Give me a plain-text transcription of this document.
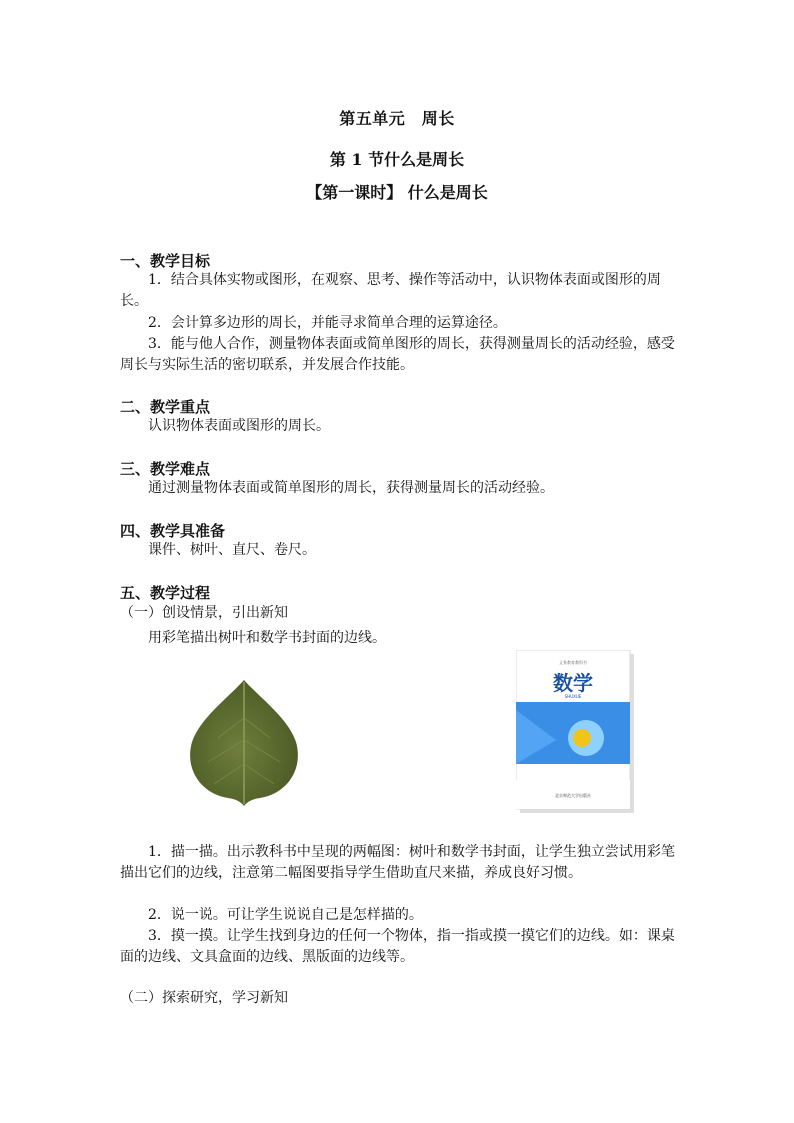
第五单元　周长
第 1 节什么是周长
【第一课时】 什么是周长
一、教学目标
1．结合具体实物或图形，在观察、思考、操作等活动中，认识物体表面或图形的周长。
2．会计算多边形的周长，并能寻求简单合理的运算途径。
3．能与他人合作，测量物体表面或简单图形的周长，获得测量周长的活动经验，感受周长与实际生活的密切联系，并发展合作技能。
二、教学重点
认识物体表面或图形的周长。
三、教学难点
通过测量物体表面或简单图形的周长，获得测量周长的活动经验。
四、教学具准备
课件、树叶、直尺、卷尺。
五、教学过程
（一）创设情景，引出新知
用彩笔描出树叶和数学书封面的边线。
义务教育教科书
数学
SHUXUE
北京师范大学出版社
1．描一描。出示教科书中呈现的两幅图：树叶和数学书封面，让学生独立尝试用彩笔描出它们的边线，注意第二幅图要指导学生借助直尺来描，养成良好习惯。
2．说一说。可让学生说说自己是怎样描的。
3．摸一摸。让学生找到身边的任何一个物体，指一指或摸一摸它们的边线。如：课桌面的边线、文具盒面的边线、黑版面的边线等。
（二）探索研究，学习新知
